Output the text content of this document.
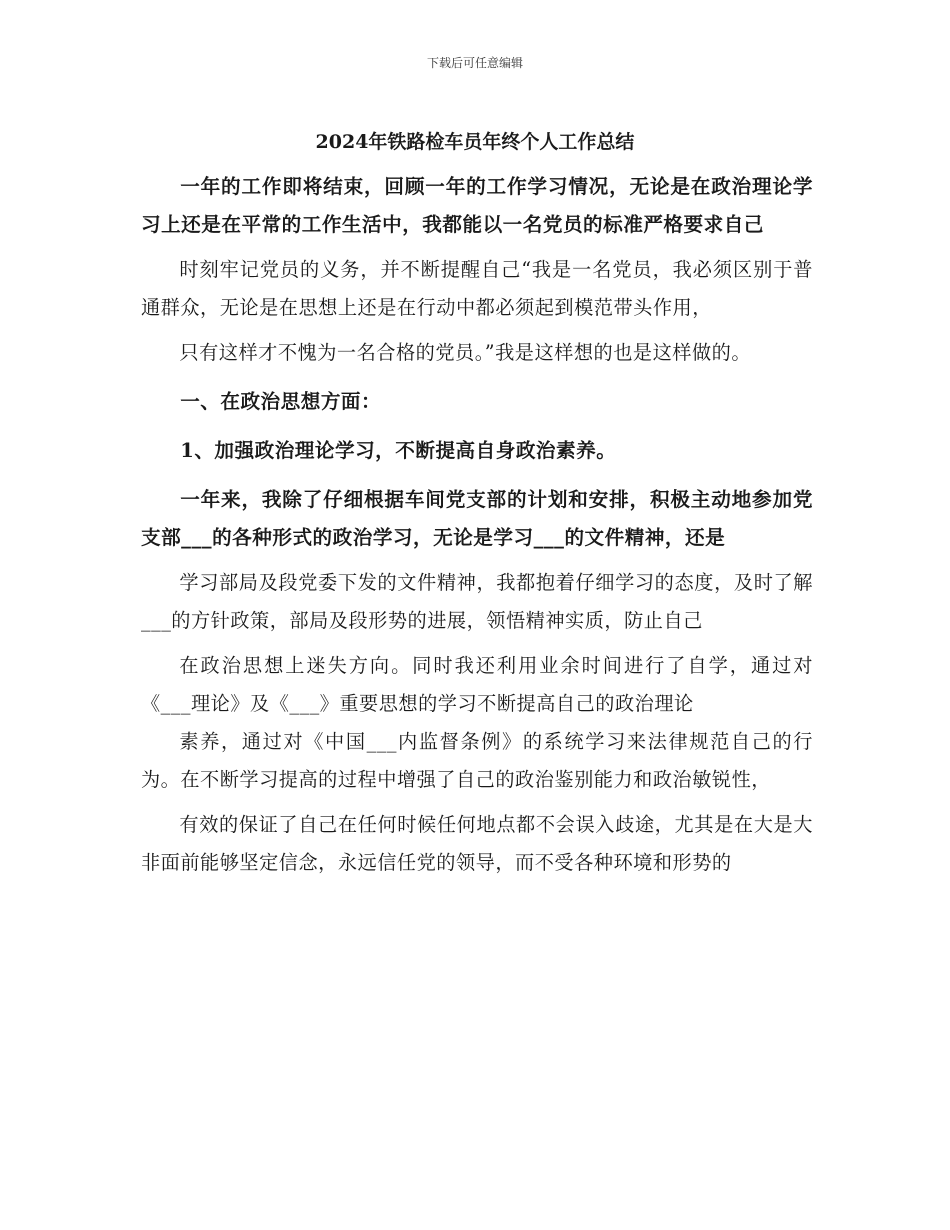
下载后可任意编辑
2024年铁路检车员年终个人工作总结

一年的工作即将结束，回顾一年的工作学习情况，无论是在政治理论学习上还是在平常的工作生活中，我都能以一名党员的标准严格要求自己

时刻牢记党员的义务，并不断提醒自己“我是一名党员，我必须区别于普通群众，无论是在思想上还是在行动中都必须起到模范带头作用，

只有这样才不愧为一名合格的党员。”我是这样想的也是这样做的。

一、在政治思想方面：

1、加强政治理论学习，不断提高自身政治素养。

一年来，我除了仔细根据车间党支部的计划和安排，积极主动地参加党支部___的各种形式的政治学习，无论是学习___的文件精神，还是

学习部局及段党委下发的文件精神，我都抱着仔细学习的态度，及时了解___的方针政策，部局及段形势的进展，领悟精神实质，防止自己

在政治思想上迷失方向。同时我还利用业余时间进行了自学，通过对《___理论》及《___》重要思想的学习不断提高自己的政治理论

素养，通过对《中国___内监督条例》的系统学习来法律规范自己的行为。在不断学习提高的过程中增强了自己的政治鉴别能力和政治敏锐性，

有效的保证了自己在任何时候任何地点都不会误入歧途，尤其是在大是大非面前能够坚定信念，永远信任党的领导，而不受各种环境和形势的
